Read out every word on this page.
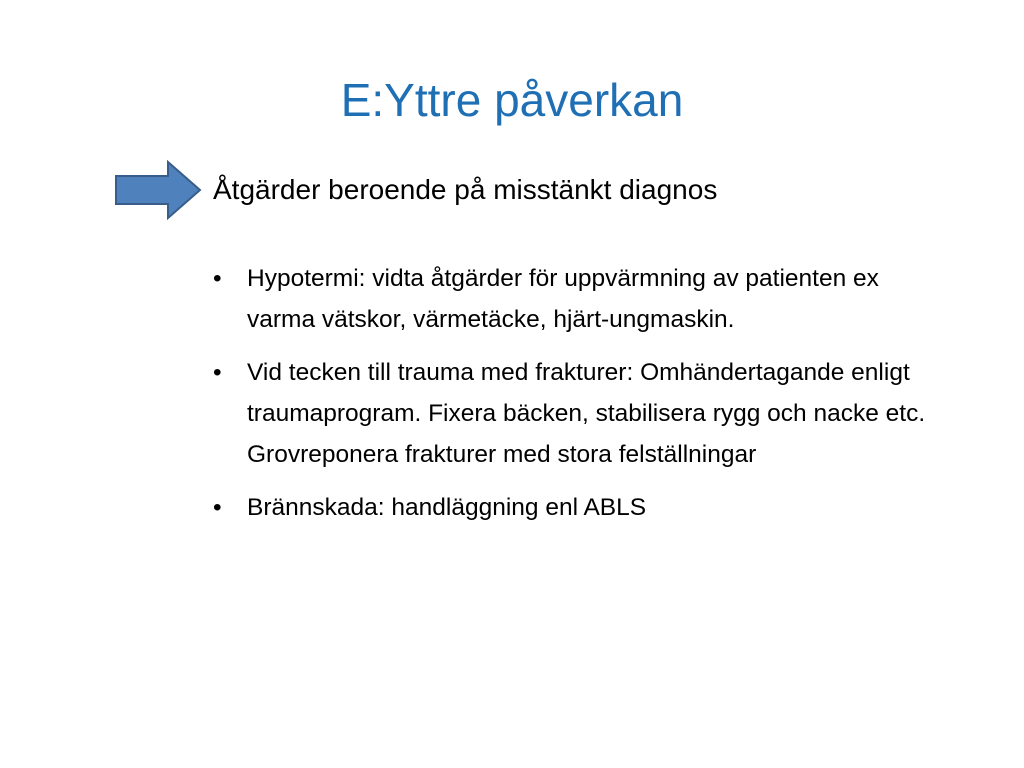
E:Yttre påverkan
Åtgärder beroende på misstänkt diagnos
• Hypotermi: vidta åtgärder för uppvärmning av patienten ex varma vätskor, värmetäcke, hjärt-ungmaskin.
• Vid tecken till trauma med frakturer: Omhändertagande enligt traumaprogram. Fixera bäcken, stabilisera rygg och nacke etc. Grovreponera frakturer med stora felställningar
• Brännskada: handläggning enl ABLS
